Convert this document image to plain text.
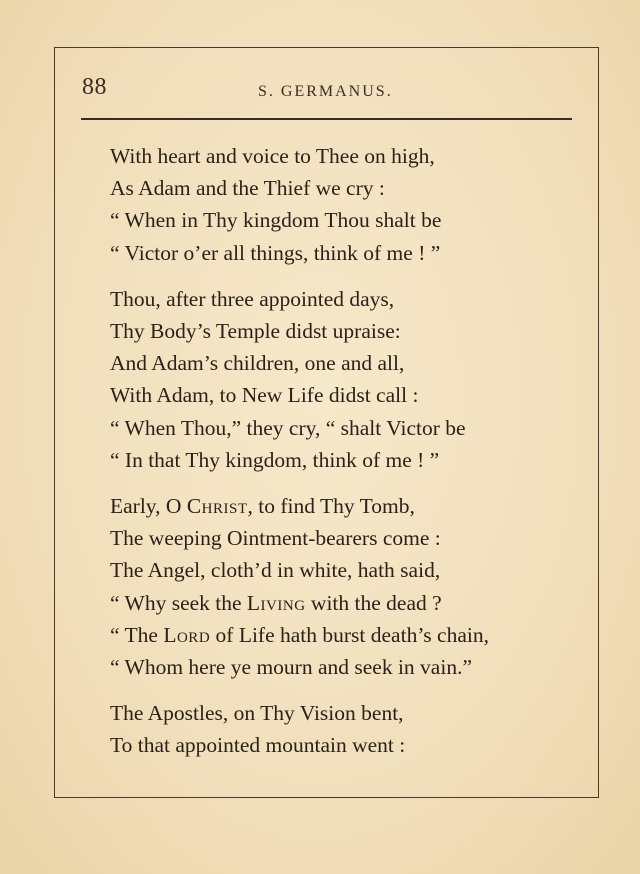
88	S. GERMANUS.
With heart and voice to Thee on high,
As Adam and the Thief we cry :
“ When in Thy kingdom Thou shalt be
“ Victor o’er all things, think of me ! ”
Thou, after three appointed days,
Thy Body’s Temple didst upraise:
And Adam’s children, one and all,
With Adam, to New Life didst call :
“ When Thou,” they cry, “ shalt Victor be
“ In that Thy kingdom, think of me ! ”
Early, O Christ, to find Thy Tomb,
The weeping Ointment-bearers come :
The Angel, cloth’d in white, hath said,
“ Why seek the Living with the dead ?
“ The Lord of Life hath burst death’s chain,
“ Whom here ye mourn and seek in vain.”
The Apostles, on Thy Vision bent,
To that appointed mountain went :
